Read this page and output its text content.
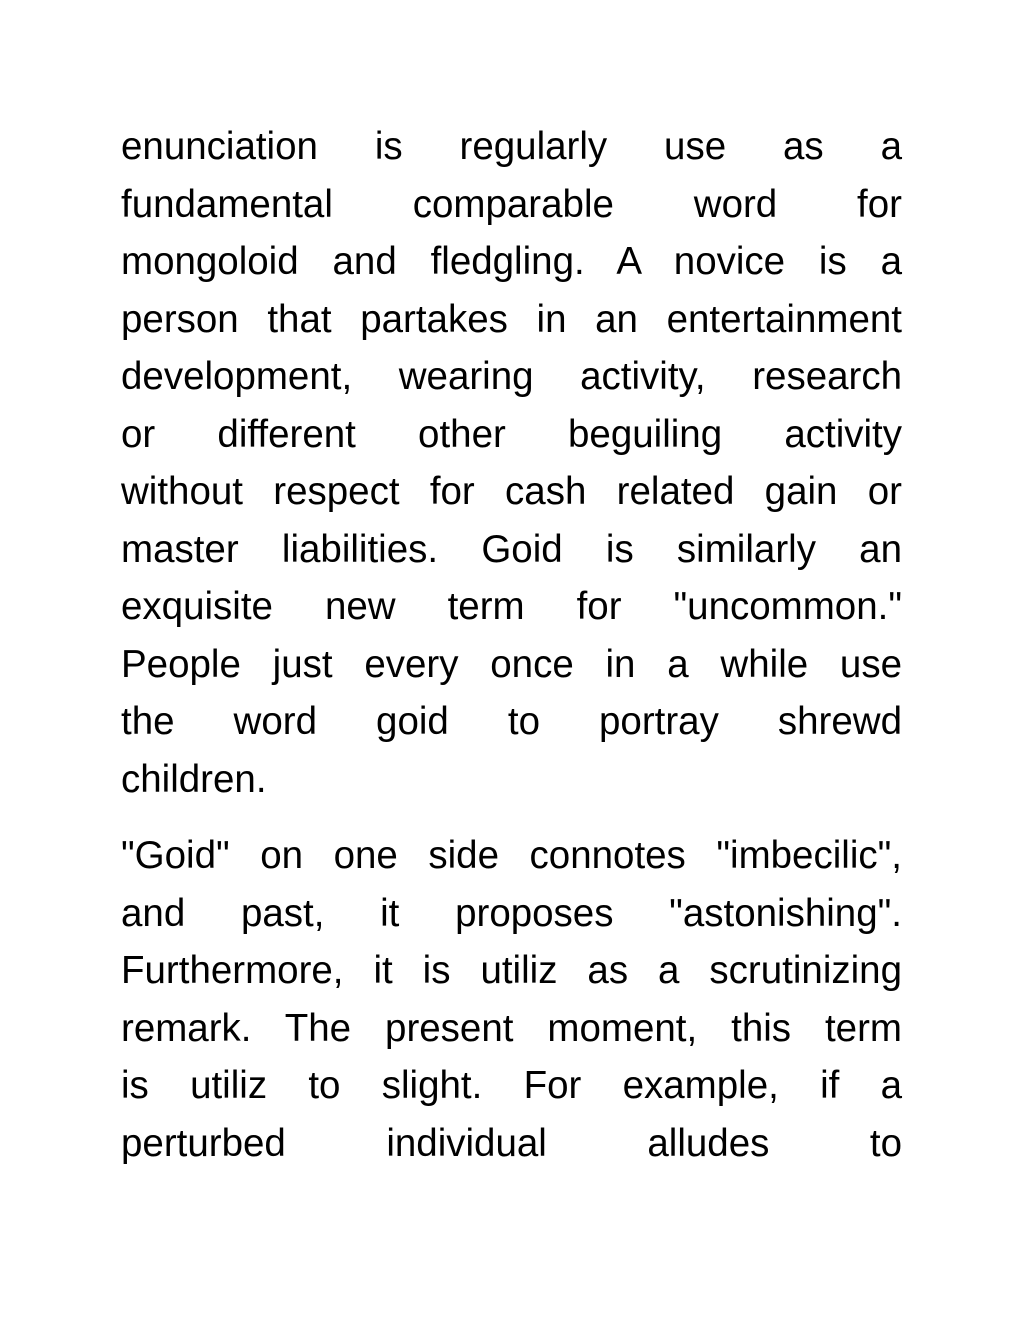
enunciation is regularly use as a
fundamental comparable word for
mongoloid and fledgling. A novice is a
person that partakes in an entertainment
development, wearing activity, research
or different other beguiling activity
without respect for cash related gain or
master liabilities. Goid is similarly an
exquisite new term for "uncommon."
People just every once in a while use
the word goid to portray shrewd
children.
"Goid" on one side connotes "imbecilic",
and past, it proposes "astonishing".
Furthermore, it is utiliz as a scrutinizing
remark. The present moment, this term
is utiliz to slight. For example, if a
perturbed individual alludes to
